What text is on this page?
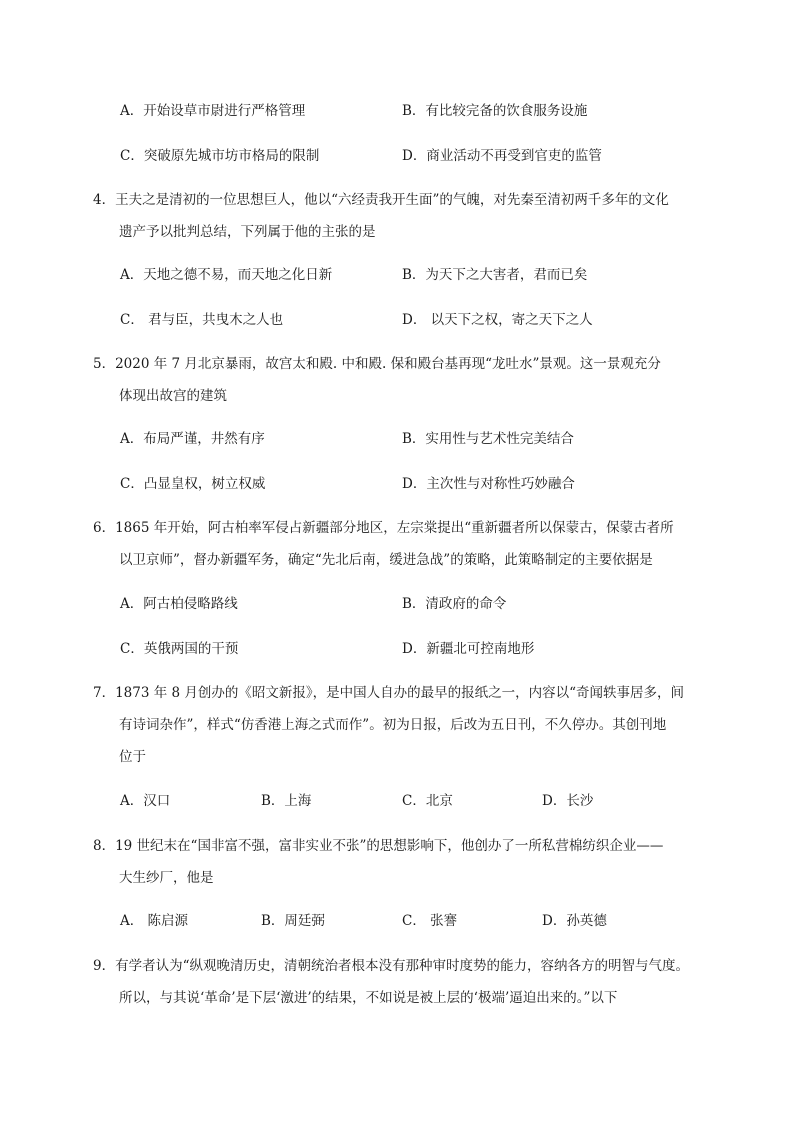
A．开始设草市尉进行严格管理	B．有比较完备的饮食服务设施
C．突破原先城市坊市格局的限制	D．商业活动不再受到官吏的监管
4．王夫之是清初的一位思想巨人，他以“六经责我开生面”的气魄，对先秦至清初两千多年的文化
遗产予以批判总结，下列属于他的主张的是
A．天地之德不易，而天地之化日新	B．为天下之大害者，君而已矣
C． 君与臣，共曳木之人也	D． 以天下之权，寄之天下之人
5．2020 年 7 月北京暴雨，故宫太和殿. 中和殿. 保和殿台基再现“龙吐水”景观。这一景观充分
体现出故宫的建筑
A．布局严谨，井然有序	B．实用性与艺术性完美结合
C．凸显皇权，树立权威	D．主次性与对称性巧妙融合
6．1865 年开始，阿古柏率军侵占新疆部分地区，左宗棠提出“重新疆者所以保蒙古，保蒙古者所
以卫京师”，督办新疆军务，确定“先北后南，缓进急战”的策略，此策略制定的主要依据是
A．阿古柏侵略路线	B．清政府的命令
C．英俄两国的干预	D．新疆北可控南地形
7．1873 年 8 月创办的《昭文新报》，是中国人自办的最早的报纸之一，内容以“奇闻轶事居多，间
有诗词杂作”，样式“仿香港上海之式而作”。初为日报，后改为五日刊，不久停办。其创刊地
位于
A．汉口	B．上海	C．北京	D．长沙
8．19 世纪末在“国非富不强，富非实业不张”的思想影响下，他创办了一所私营棉纺织企业——
大生纱厂，他是
A． 陈启源	B．周廷弼	C． 张謇	D．孙英德
9．有学者认为“纵观晚清历史，清朝统治者根本没有那种审时度势的能力，容纳各方的明智与气度。
所以，与其说‘革命’是下层‘激进’的结果，不如说是被上层的‘极端’逼迫出来的。”以下
